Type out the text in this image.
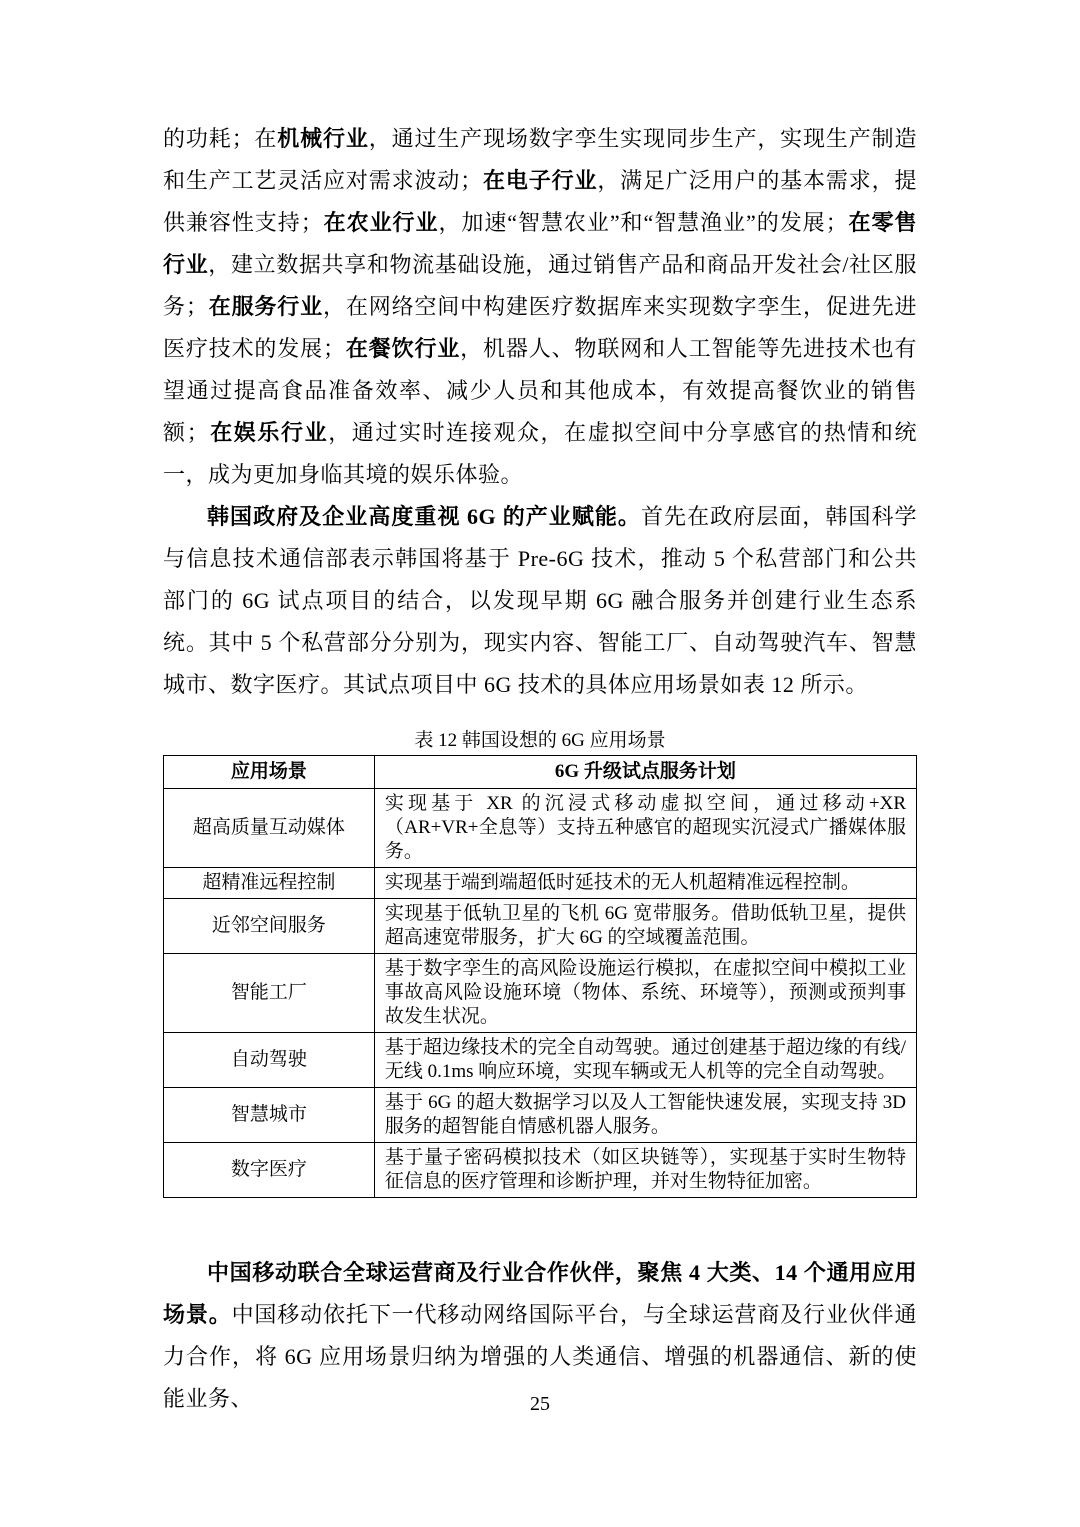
的功耗；在机械行业，通过生产现场数字孪生实现同步生产，实现生产制造和生产工艺灵活应对需求波动；在电子行业，满足广泛用户的基本需求，提供兼容性支持；在农业行业，加速“智慧农业”和“智慧渔业”的发展；在零售行业，建立数据共享和物流基础设施，通过销售产品和商品开发社会/社区服务；在服务行业，在网络空间中构建医疗数据库来实现数字孪生，促进先进医疗技术的发展；在餐饮行业，机器人、物联网和人工智能等先进技术也有望通过提高食品准备效率、减少人员和其他成本，有效提高餐饮业的销售额；在娱乐行业，通过实时连接观众，在虚拟空间中分享感官的热情和统一，成为更加身临其境的娱乐体验。

韩国政府及企业高度重视 6G 的产业赋能。首先在政府层面，韩国科学与信息技术通信部表示韩国将基于 Pre-6G 技术，推动 5 个私营部门和公共部门的 6G 试点项目的结合，以发现早期 6G 融合服务并创建行业生态系统。其中 5 个私营部分分别为，现实内容、智能工厂、自动驾驶汽车、智慧城市、数字医疗。其试点项目中 6G 技术的具体应用场景如表 12 所示。

表 12 韩国设想的 6G 应用场景
应用场景	6G 升级试点服务计划
超高质量互动媒体	实现基于 XR 的沉浸式移动虚拟空间，通过移动+XR（AR+VR+全息等）支持五种感官的超现实沉浸式广播媒体服务。
超精准远程控制	实现基于端到端超低时延技术的无人机超精准远程控制。
近邻空间服务	实现基于低轨卫星的飞机 6G 宽带服务。借助低轨卫星，提供超高速宽带服务，扩大 6G 的空域覆盖范围。
智能工厂	基于数字孪生的高风险设施运行模拟，在虚拟空间中模拟工业事故高风险设施环境（物体、系统、环境等），预测或预判事故发生状况。
自动驾驶	基于超边缘技术的完全自动驾驶。通过创建基于超边缘的有线/无线 0.1ms 响应环境，实现车辆或无人机等的完全自动驾驶。
智慧城市	基于 6G 的超大数据学习以及人工智能快速发展，实现支持 3D 服务的超智能自情感机器人服务。
数字医疗	基于量子密码模拟技术（如区块链等），实现基于实时生物特征信息的医疗管理和诊断护理，并对生物特征加密。

中国移动联合全球运营商及行业合作伙伴，聚焦 4 大类、14 个通用应用场景。中国移动依托下一代移动网络国际平台，与全球运营商及行业伙伴通力合作，将 6G 应用场景归纳为增强的人类通信、增强的机器通信、新的使能业务、	25
